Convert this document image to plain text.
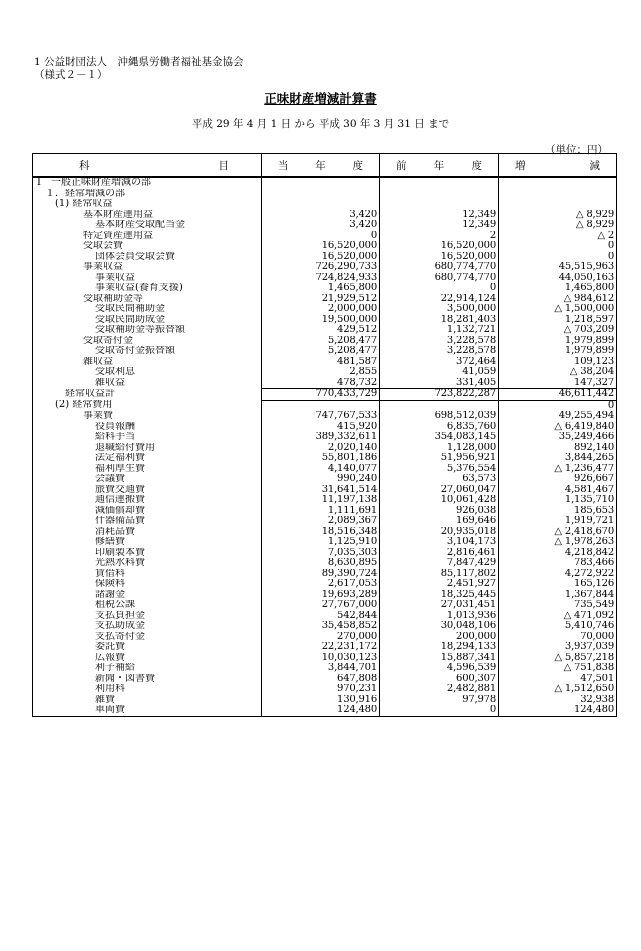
1 公益財団法人　沖縄県労働者福祉基金協会
（様式２－１）
正味財産増減計算書
平成 29 年 4 月 1 日 から 平成 30 年 3 月 31 日 まで
（単位：円）
科 目	当 年 度	前 年 度	増 減

Ⅰ　一般正味財産増減の部			
１．経常増減の部			
(1) 経常収益			
基本財産運用益	3,420	12,349	△ 8,929
基本財産受取配当金	3,420	12,349	△ 8,929
特定資産運用益	0	2	△ 2
受取会費	16,520,000	16,520,000	0
団体会員受取会費	16,520,000	16,520,000	0
事業収益	726,290,733	680,774,770	45,515,963
事業収益	724,824,933	680,774,770	44,050,163
事業収益(養育支援)	1,465,800	0	1,465,800
受取補助金等	21,929,512	22,914,124	△ 984,612
受取民間補助金	2,000,000	3,500,000	△ 1,500,000
受取民間助成金	19,500,000	18,281,403	1,218,597
受取補助金等振替額	429,512	1,132,721	△ 703,209
受取寄付金	5,208,477	3,228,578	1,979,899
受取寄付金振替額	5,208,477	3,228,578	1,979,899
雑収益	481,587	372,464	109,123
受取利息	2,855	41,059	△ 38,204
雑収益	478,732	331,405	147,327
経常収益計	770,433,729	723,822,287	46,611,442
(2) 経常費用			0
事業費	747,767,533	698,512,039	49,255,494
役員報酬	415,920	6,835,760	△ 6,419,840
給料手当	389,332,611	354,083,145	35,249,466
退職給付費用	2,020,140	1,128,000	892,140
法定福利費	55,801,186	51,956,921	3,844,265
福利厚生費	4,140,077	5,376,554	△ 1,236,477
会議費	990,240	63,573	926,667
旅費交通費	31,641,514	27,060,047	4,581,467
通信運搬費	11,197,138	10,061,428	1,135,710
減価償却費	1,111,691	926,038	185,653
什器備品費	2,089,367	169,646	1,919,721
消耗品費	18,516,348	20,935,018	△ 2,418,670
修繕費	1,125,910	3,104,173	△ 1,978,263
印刷製本費	7,035,303	2,816,461	4,218,842
光熱水料費	8,630,895	7,847,429	783,466
賃借料	89,390,724	85,117,802	4,272,922
保険料	2,617,053	2,451,927	165,126
諸謝金	19,693,289	18,325,445	1,367,844
租税公課	27,767,000	27,031,451	735,549
支払負担金	542,844	1,013,936	△ 471,092
支払助成金	35,458,852	30,048,106	5,410,746
支払寄付金	270,000	200,000	70,000
委託費	22,231,172	18,294,133	3,937,039
広報費	10,030,123	15,887,341	△ 5,857,218
利子補給	3,844,701	4,596,539	△ 751,838
新聞・図書費	647,808	600,307	47,501
利用料	970,231	2,482,881	△ 1,512,650
雑費	130,916	97,978	32,938
車両費	124,480	0	124,480
